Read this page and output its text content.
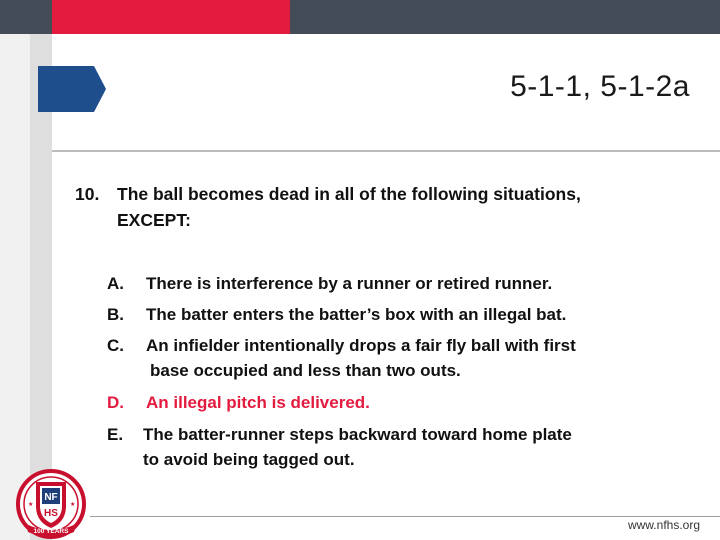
5-1-1, 5-1-2a
10. The ball becomes dead in all of the following situations,
EXCEPT:
A. There is interference by a runner or retired runner.
B. The batter enters the batter’s box with an illegal bat.
C. An infielder intentionally drops a fair fly ball with first
base occupied and less than two outs.
D. An illegal pitch is delivered.
E. The batter-runner steps backward toward home plate
to avoid being tagged out.
www.nfhs.org
NF
HS
100 YEARS
★	★
